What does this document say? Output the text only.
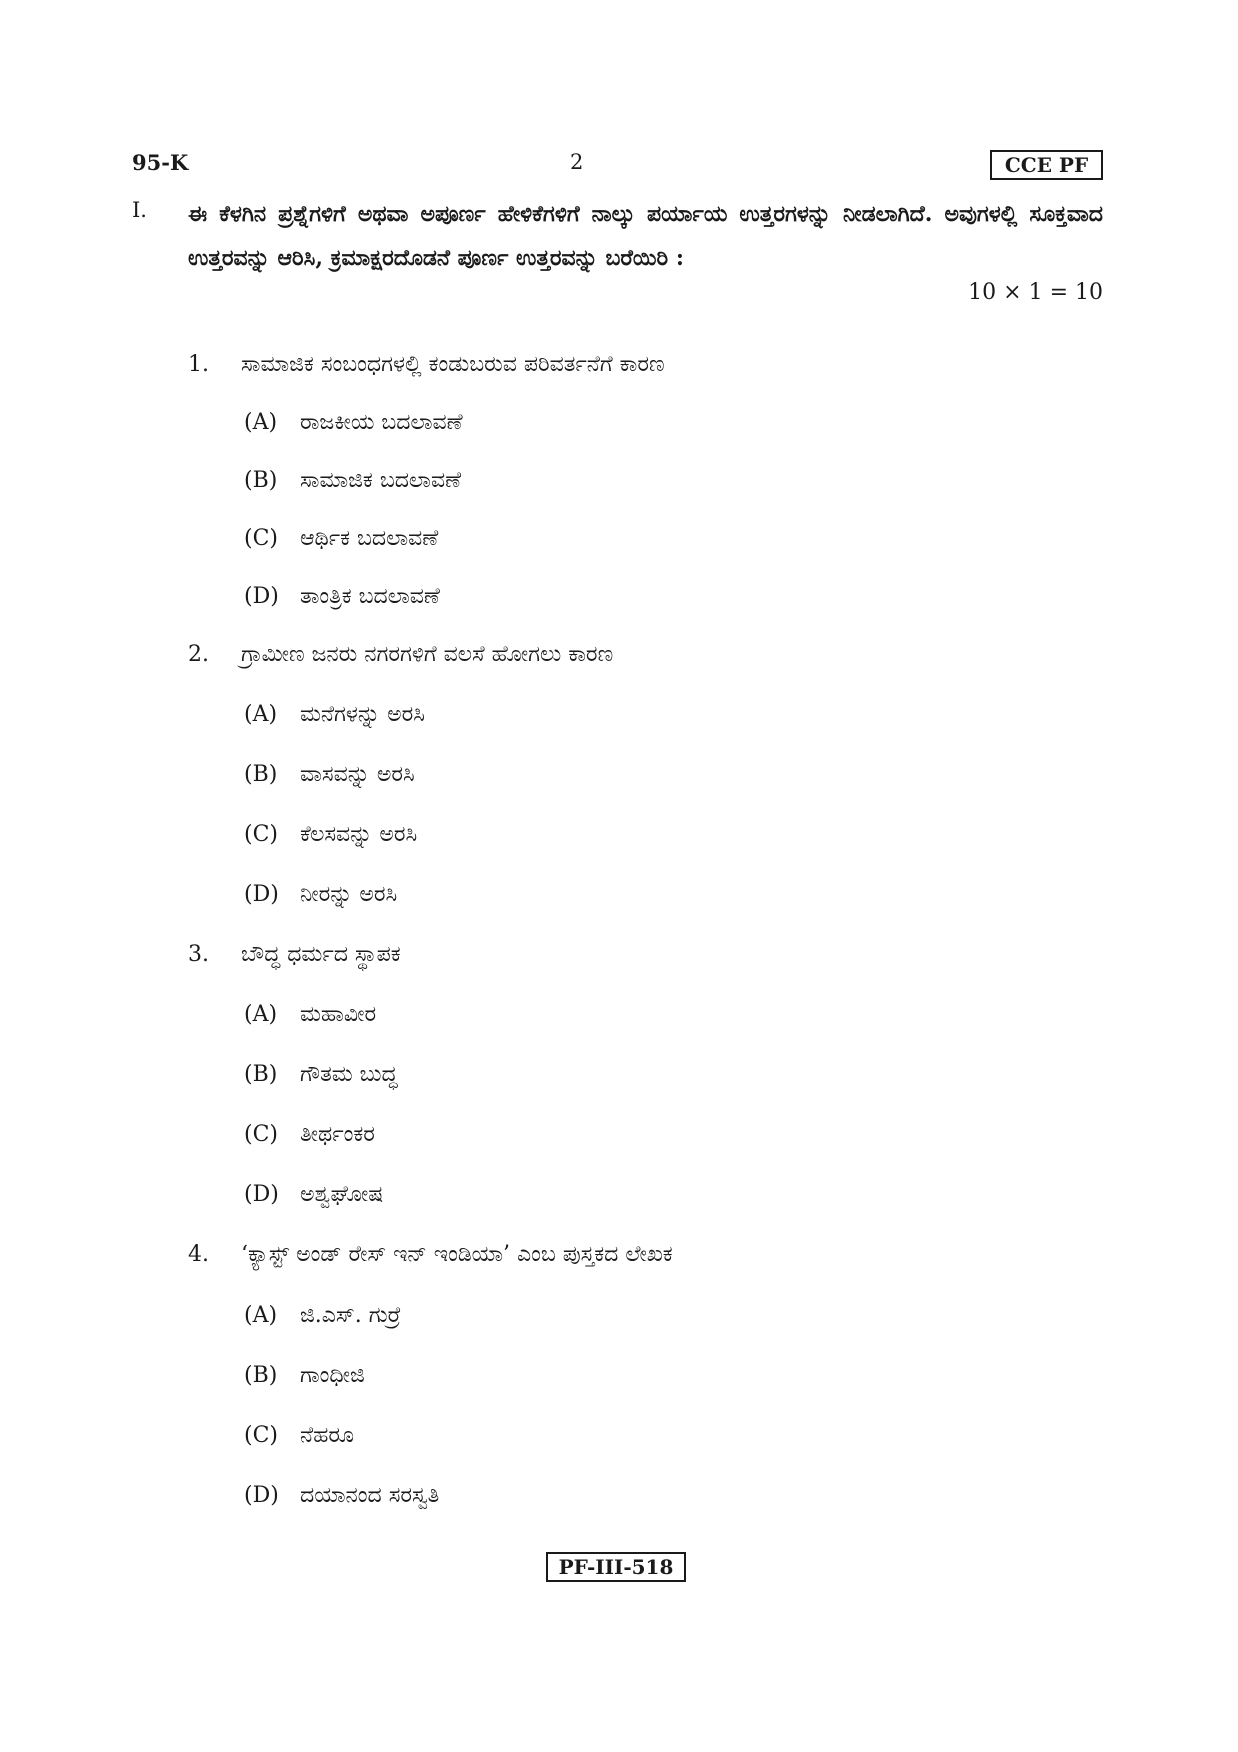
95-K	2	CCE PF
I. ಈ ಕೆಳಗಿನ ಪ್ರಶ್ನೆಗಳಿಗೆ ಅಥವಾ ಅಪೂರ್ಣ ಹೇಳಿಕೆಗಳಿಗೆ ನಾಲ್ಕು ಪರ್ಯಾಯ ಉತ್ತರಗಳನ್ನು ನೀಡಲಾಗಿದೆ. ಅವುಗಳಲ್ಲಿ ಸೂಕ್ತವಾದ ಉತ್ತರವನ್ನು ಆರಿಸಿ, ಕ್ರಮಾಕ್ಷರದೊಡನೆ ಪೂರ್ಣ ಉತ್ತರವನ್ನು ಬರೆಯಿರಿ :
10 × 1 = 10
1.	ಸಾಮಾಜಿಕ ಸಂಬಂಧಗಳಲ್ಲಿ ಕಂಡುಬರುವ ಪರಿವರ್ತನೆಗೆ ಕಾರಣ
(A) ರಾಜಕೀಯ ಬದಲಾವಣೆ
(B) ಸಾಮಾಜಿಕ ಬದಲಾವಣೆ
(C) ಆರ್ಥಿಕ ಬದಲಾವಣೆ
(D) ತಾಂತ್ರಿಕ ಬದಲಾವಣೆ
2.	ಗ್ರಾಮೀಣ ಜನರು ನಗರಗಳಿಗೆ ವಲಸೆ ಹೋಗಲು ಕಾರಣ
(A) ಮನೆಗಳನ್ನು ಅರಸಿ
(B) ವಾಸವನ್ನು ಅರಸಿ
(C) ಕೆಲಸವನ್ನು ಅರಸಿ
(D) ನೀರನ್ನು ಅರಸಿ
3.	ಬೌದ್ಧ ಧರ್ಮದ ಸ್ಥಾಪಕ
(A) ಮಹಾವೀರ
(B) ಗೌತಮ ಬುದ್ಧ
(C) ತೀರ್ಥಂಕರ
(D) ಅಶ್ವಘೋಷ
4.	‘ಕ್ಯಾಸ್ಟ್ ಅಂಡ್ ರೇಸ್ ಇನ್ ಇಂಡಿಯಾ’ ಎಂಬ ಪುಸ್ತಕದ ಲೇಖಕ
(A) ಜಿ.ಎಸ್. ಗುರ್ರೆ
(B) ಗಾಂಧೀಜಿ
(C) ನೆಹರೂ
(D) ದಯಾನಂದ ಸರಸ್ವತಿ
PF-III-518
